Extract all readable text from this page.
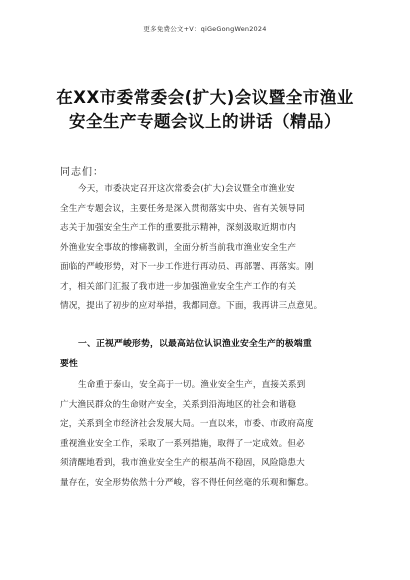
更多免费公文+V：qiGeGongWen2024
在XX市委常委会(扩大)会议暨全市渔业
安全生产专题会议上的讲话（精品）
同志们：
今天，市委决定召开这次常委会(扩大)会议暨全市渔业安
全生产专题会议，主要任务是深入贯彻落实中央、省有关领导同
志关于加强安全生产工作的重要批示精神，深刻汲取近期市内
外渔业安全事故的惨痛教训，全面分析当前我市渔业安全生产
面临的严峻形势，对下一步工作进行再动员、再部署、再落实。刚
才，相关部门汇报了我市进一步加强渔业安全生产工作的有关
情况，提出了初步的应对举措，我都同意。下面，我再讲三点意见。
一、正视严峻形势，以最高站位认识渔业安全生产的极端重
要性
生命重于泰山，安全高于一切。渔业安全生产，直接关系到
广大渔民群众的生命财产安全，关系到沿海地区的社会和谐稳
定，关系到全市经济社会发展大局。一直以来，市委、市政府高度
重视渔业安全工作，采取了一系列措施，取得了一定成效。但必
须清醒地看到，我市渔业安全生产的根基尚不稳固，风险隐患大
量存在，安全形势依然十分严峻，容不得任何丝毫的乐观和懈怠。
